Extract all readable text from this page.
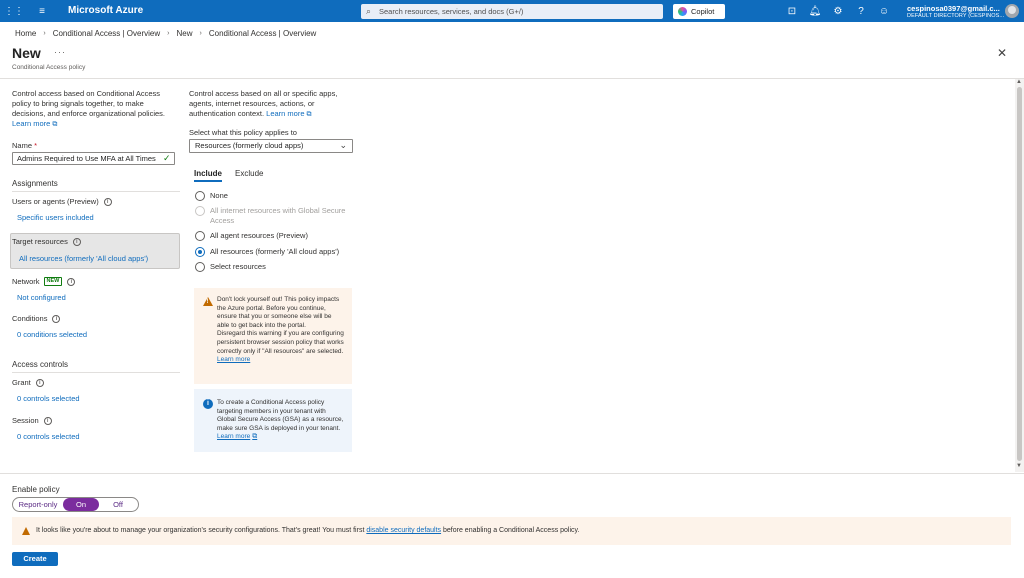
⋮⋮	≡	Microsoft Azure	⌕ Search resources, services, and docs (G+/)	Copilot	⊡ 🔔︎ ⚙	?	☺ cespinosa0397@gmail.c...
DEFAULT DIRECTORY (CESPINOS...
Home › Conditional Access | Overview › New › Conditional Access | Overview
New ···
Conditional Access policy
✕
Control access based on Conditional Access policy to bring signals together, to make decisions, and enforce organizational policies. Learn more ⧉
Name *
Admins Required to Use MFA at All Times ✓
Assignments
Users or agents (Preview)	i
Specific users included
Target resources	i
All resources (formerly 'All cloud apps')
Network	NEW	i
Not configured
Conditions	i
0 conditions selected
Access controls
Grant	i
0 controls selected
Session	i
0 controls selected
Control access based on all or specific apps, agents, internet resources, actions, or authentication context. Learn more ⧉
Select what this policy applies to
Resources (formerly cloud apps)	⌄
Include Exclude
None
All internet resources with Global Secure Access
All agent resources (Preview)
All resources (formerly 'All cloud apps')
Select resources
! Don't lock yourself out! This policy impacts the Azure portal. Before you continue, ensure that you or someone else will be able to get back into the portal.
Disregard this warning if you are configuring persistent browser session policy that works correctly only if "All resources" are selected. Learn more
i	To create a Conditional Access policy targeting members in your tenant with Global Secure Access (GSA) as a resource, make sure GSA is deployed in your tenant. Learn more ⧉
▲
▼
Enable policy
Report-only	On	Off
It looks like you're about to manage your organization's security configurations. That's great! You must first disable security defaults before enabling a Conditional Access policy.
Create
